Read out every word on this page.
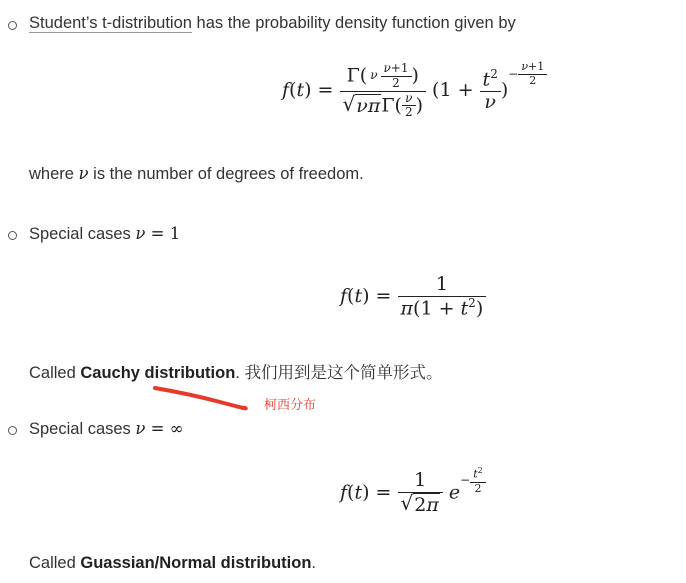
Student’s t-distribution has the probability density function given by
$f(t) = \frac{\Gamma( \nu \frac{\nu+1}{2} )}{√ \nu\pi \Gamma( \frac{\nu}{2} )} (1 + \frac{t^2}{\nu} )^{- \frac{\nu+1}{2}}$
where ν is the number of degrees of freedom.
Special cases ν = 1
$f(t) = \frac{1}{\pi(1 + t^2)}$
Called Cauchy distribution. 我们用到是这个简单形式。
柯西分布
Special cases ν = ∞
$f(t) = \frac{1}{√ 2\pi} e^{- \frac{t^2}{2}}$
Called Guassian/Normal distribution.
